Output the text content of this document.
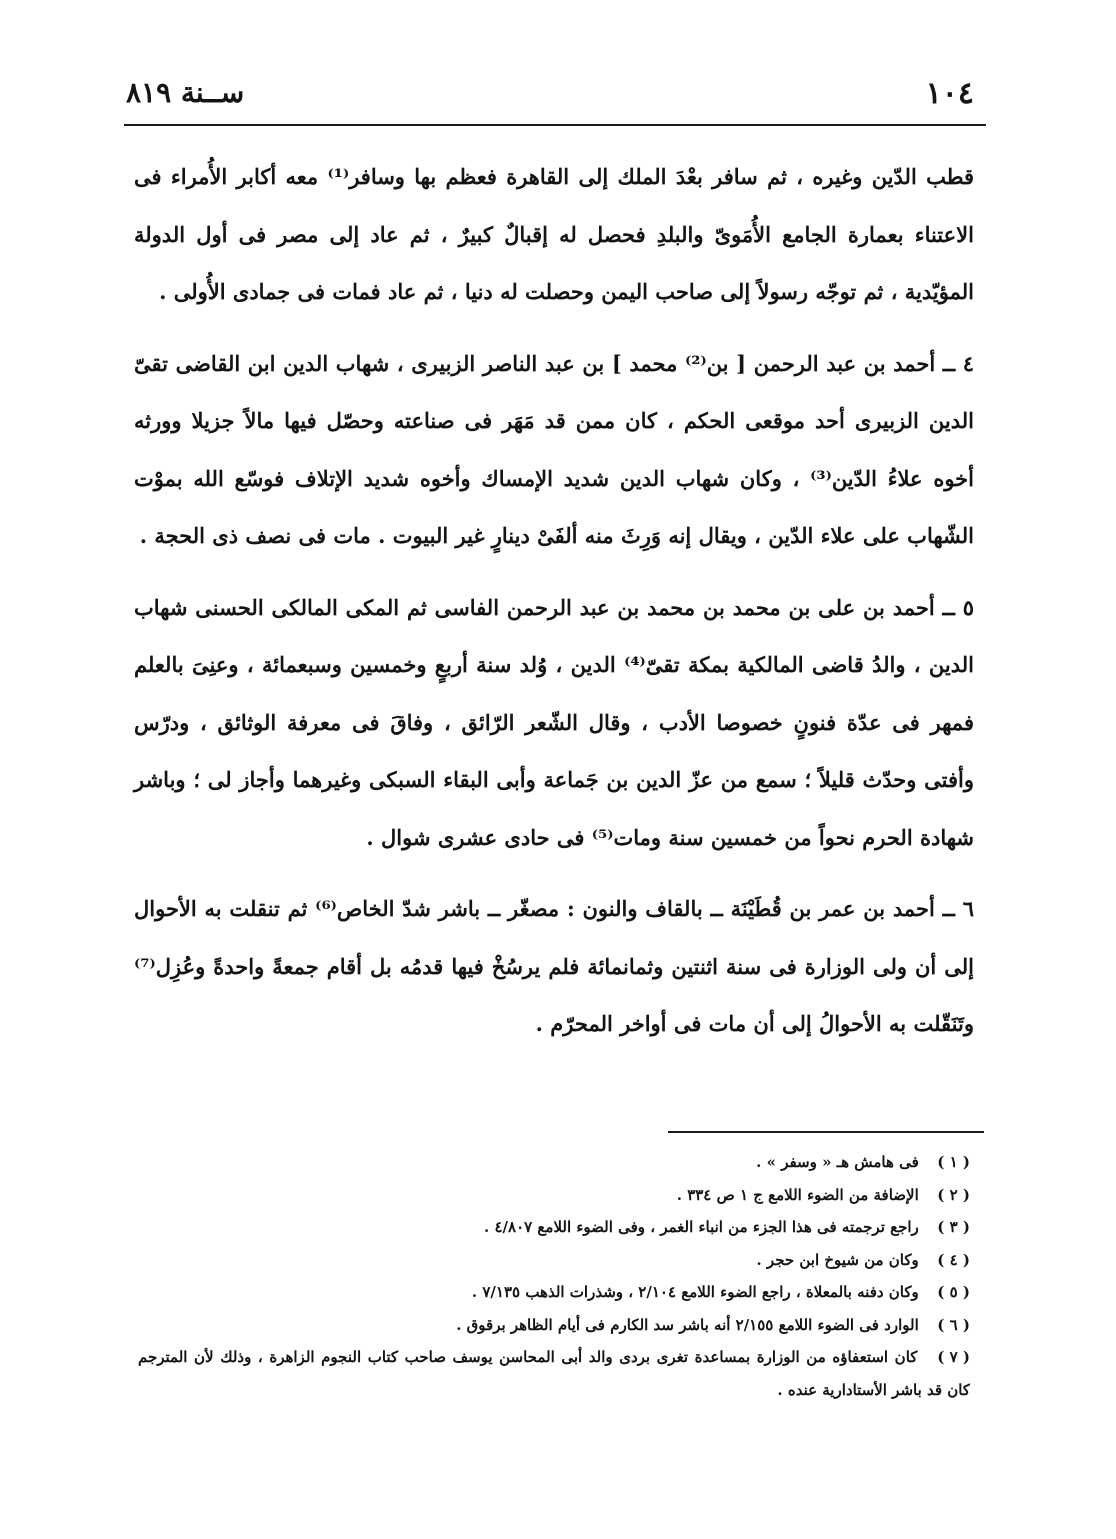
١٠٤
ســنة ٨١٩

قطب الدّين وغيره ، ثم سافر بعْدَ الملك إلى القاهرة فعظم بها وسافر⁽¹⁾ معه أكابر الأُمراء فى الاعتناء بعمارة الجامع الأُمَوىّ والبلدِ فحصل له إقبالٌ كبيرٌ ، ثم عاد إلى مصر فى أول الدولة المؤيّدية ، ثم توجّه رسولاً إلى صاحب اليمن وحصلت له دنيا ، ثم عاد فمات فى جمادى الأُولى .

٤ ــ أحمد بن عبد الرحمن [ بن⁽²⁾ محمد ] بن عبد الناصر الزبيرى ، شهاب الدين ابن القاضى تقىّ الدين الزبيرى أحد موقعى الحكم ، كان ممن قد مَهَر فى صناعته وحصّل فيها مالاً جزيلا وورثه أخوه علاءُ الدّين⁽³⁾ ، وكان شهاب الدين شديد الإمساك وأخوه شديد الإتلاف فوسّع الله بموْت الشّهاب على علاء الدّين ، ويقال إنه وَرِثَ منه ألفَىْ دينارٍ غير البيوت . مات فى نصف ذى الحجة .

٥ ــ أحمد بن على بن محمد بن محمد بن عبد الرحمن الفاسى ثم المكى المالكى الحسنى شهاب الدين ، والدُ قاضى المالكية بمكة تقىّ⁽⁴⁾ الدين ، وُلد سنة أربعٍ وخمسين وسبعمائة ، وعنِىَ بالعلم فمهر فى عدّة فنونٍ خصوصا الأدب ، وقال الشّعر الرّائق ، وفاقَ فى معرفة الوثائق ، ودرّس وأفتى وحدّث قليلاً ؛ سمع من عزّ الدين بن جَماعة وأبى البقاء السبكى وغيرهما وأجاز لى ؛ وباشر شهادة الحرم نحواً من خمسين سنة ومات⁽⁵⁾ فى حادى عشرى شوال .

٦ ــ أحمد بن عمر بن قُطَيْنَة ــ بالقاف والنون : مصغّر ــ باشر شدّ الخاص⁽⁶⁾ ثم تنقلت به الأحوال إلى أن ولى الوزارة فى سنة اثنتين وثمانمائة فلم يرسُخْ فيها قدمُه بل أقام جمعةً واحدةً وعُزِل⁽⁷⁾ وتَنَقّلت به الأحوالُ إلى أن مات فى أواخر المحرّم .

( ١ ) فى هامش هـ « وسفر » .

( ٢ ) الإضافة من الضوء اللامع ج ١ ص ٣٣٤ .

( ٣ ) راجع ترجمته فى هذا الجزء من انباء الغمر ، وفى الضوء اللامع ٤/٨٠٧ .

( ٤ ) وكان من شيوخ ابن حجر .

( ٥ ) وكان دفنه بالمعلاة ، راجع الضوء اللامع ٢/١٠٤ ، وشذرات الذهب ٧/١٣٥ .

( ٦ ) الوارد فى الضوء اللامع ٢/١٥٥ أنه باشر سد الكارم فى أيام الظاهر برقوق .

( ٧ ) كان استعفاؤه من الوزارة بمساعدة تغرى بردى والد أبى المحاسن يوسف صاحب كتاب النجوم الزاهرة ، وذلك لأن المترجم كان قد باشر الأستادارية عنده .
